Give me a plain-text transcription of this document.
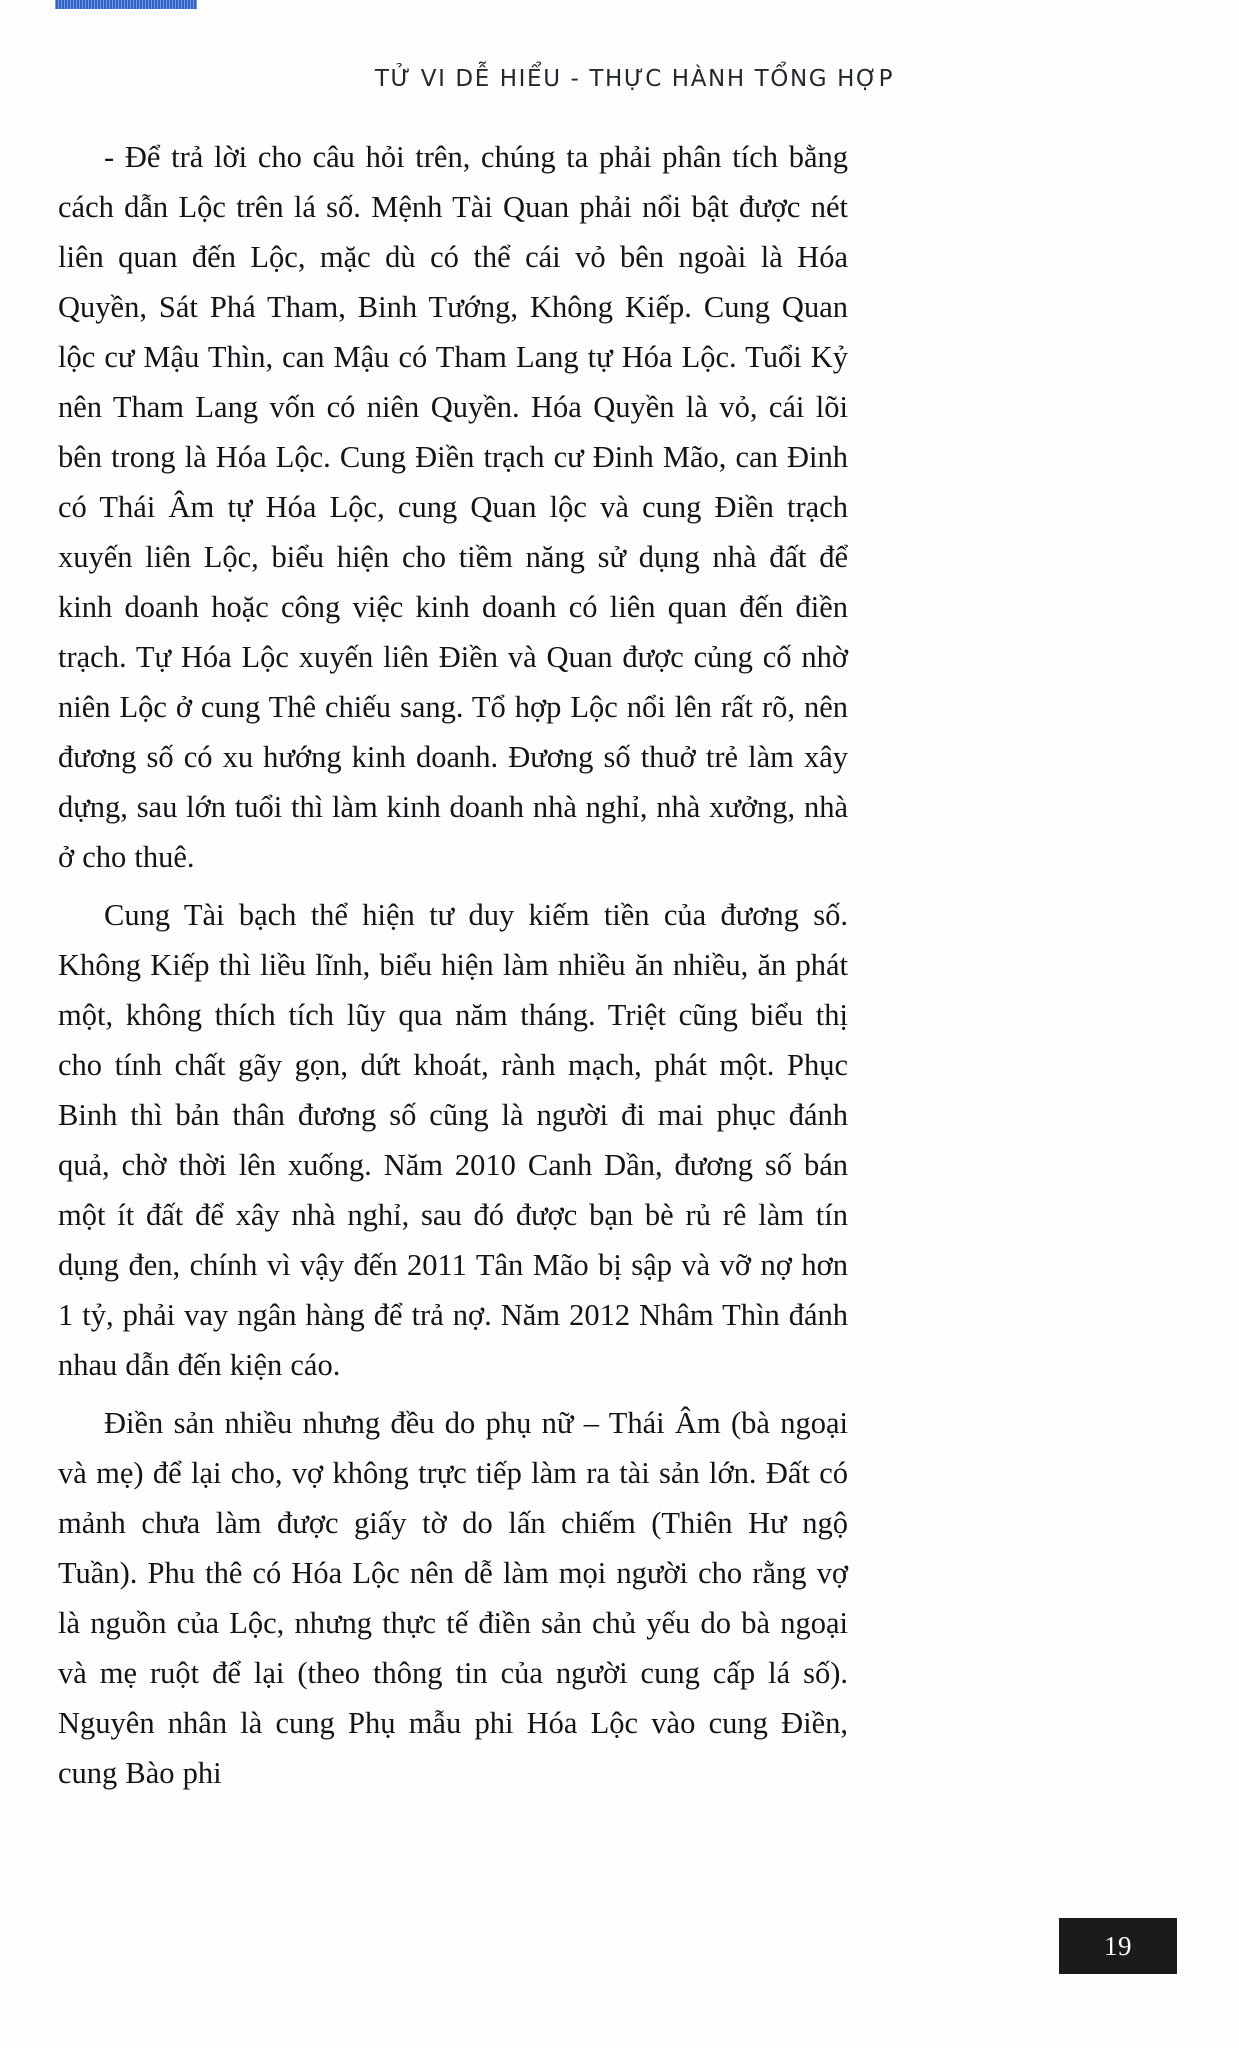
TỬ VI DỄ HIỂU - THỰC HÀNH TỔNG HỢP

- Để trả lời cho câu hỏi trên, chúng ta phải phân tích bằng cách dẫn Lộc trên lá số. Mệnh Tài Quan phải nổi bật được nét liên quan đến Lộc, mặc dù có thể cái vỏ bên ngoài là Hóa Quyền, Sát Phá Tham, Binh Tướng, Không Kiếp. Cung Quan lộc cư Mậu Thìn, can Mậu có Tham Lang tự Hóa Lộc. Tuổi Kỷ nên Tham Lang vốn có niên Quyền. Hóa Quyền là vỏ, cái lõi bên trong là Hóa Lộc. Cung Điền trạch cư Đinh Mão, can Đinh có Thái Âm tự Hóa Lộc, cung Quan lộc và cung Điền trạch xuyến liên Lộc, biểu hiện cho tiềm năng sử dụng nhà đất để kinh doanh hoặc công việc kinh doanh có liên quan đến điền trạch. Tự Hóa Lộc xuyến liên Điền và Quan được củng cố nhờ niên Lộc ở cung Thê chiếu sang. Tổ hợp Lộc nổi lên rất rõ, nên đương số có xu hướng kinh doanh. Đương số thuở trẻ làm xây dựng, sau lớn tuổi thì làm kinh doanh nhà nghỉ, nhà xưởng, nhà ở cho thuê.

Cung Tài bạch thể hiện tư duy kiếm tiền của đương số. Không Kiếp thì liều lĩnh, biểu hiện làm nhiều ăn nhiều, ăn phát một, không thích tích lũy qua năm tháng. Triệt cũng biểu thị cho tính chất gãy gọn, dứt khoát, rành mạch, phát một. Phục Binh thì bản thân đương số cũng là người đi mai phục đánh quả, chờ thời lên xuống. Năm 2010 Canh Dần, đương số bán một ít đất để xây nhà nghỉ, sau đó được bạn bè rủ rê làm tín dụng đen, chính vì vậy đến 2011 Tân Mão bị sập và vỡ nợ hơn 1 tỷ, phải vay ngân hàng để trả nợ. Năm 2012 Nhâm Thìn đánh nhau dẫn đến kiện cáo.

Điền sản nhiều nhưng đều do phụ nữ – Thái Âm (bà ngoại và mẹ) để lại cho, vợ không trực tiếp làm ra tài sản lớn. Đất có mảnh chưa làm được giấy tờ do lấn chiếm (Thiên Hư ngộ Tuần). Phu thê có Hóa Lộc nên dễ làm mọi người cho rằng vợ là nguồn của Lộc, nhưng thực tế điền sản chủ yếu do bà ngoại và mẹ ruột để lại (theo thông tin của người cung cấp lá số). Nguyên nhân là cung Phụ mẫu phi Hóa Lộc vào cung Điền, cung Bào phi

19
